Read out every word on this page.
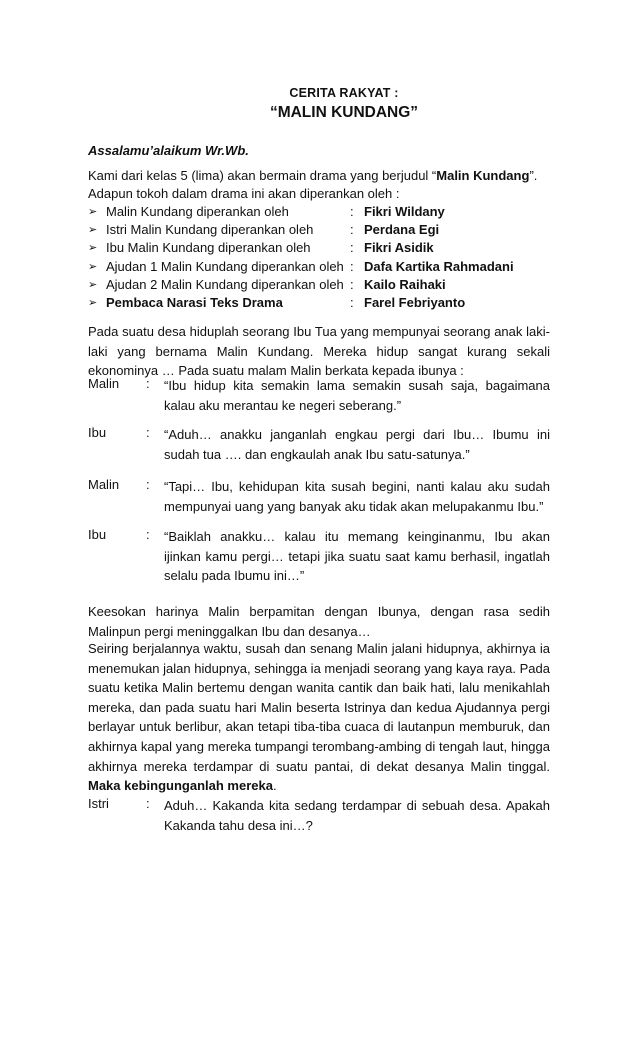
CERITA RAKYAT :
“MALIN KUNDANG”
Assalamu’alaikum Wr.Wb.
Kami dari kelas 5 (lima) akan bermain drama yang berjudul “Malin Kundang”.
Adapun tokoh dalam drama ini akan diperankan oleh :
➢ Malin Kundang diperankan oleh	: Fikri Wildany
➢ Istri Malin Kundang diperankan oleh	: Perdana Egi
➢ Ibu Malin Kundang diperankan oleh	: Fikri Asidik
➢ Ajudan 1 Malin Kundang diperankan oleh : Dafa Kartika Rahmadani
➢ Ajudan 2 Malin Kundang diperankan oleh : Kailo Raihaki
➢ Pembaca Narasi Teks Drama	: Farel Febriyanto
Pada suatu desa hiduplah seorang Ibu Tua yang mempunyai seorang anak laki-laki yang bernama Malin Kundang. Mereka hidup sangat kurang sekali ekonominya … Pada suatu malam Malin berkata kepada ibunya :
Malin	:	“Ibu hidup kita semakin lama semakin susah saja, bagaimana kalau aku merantau ke negeri seberang.”
Ibu	:	“Aduh… anakku janganlah engkau pergi dari Ibu… Ibumu ini sudah tua …. dan engkaulah anak Ibu satu-satunya.”
Malin	:	“Tapi… Ibu, kehidupan kita susah begini, nanti kalau aku sudah mempunyai uang yang banyak aku tidak akan melupakanmu Ibu.”
Ibu	:	“Baiklah anakku… kalau itu memang keinginanmu, Ibu akan ijinkan kamu pergi… tetapi jika suatu saat kamu berhasil, ingatlah selalu pada Ibumu ini…”
Keesokan harinya Malin berpamitan dengan Ibunya, dengan rasa sedih Malinpun pergi meninggalkan Ibu dan desanya…
Seiring berjalannya waktu, susah dan senang Malin jalani hidupnya, akhirnya ia menemukan jalan hidupnya, sehingga ia menjadi seorang yang kaya raya. Pada suatu ketika Malin bertemu dengan wanita cantik dan baik hati, lalu menikahlah mereka, dan pada suatu hari Malin beserta Istrinya dan kedua Ajudannya pergi berlayar untuk berlibur, akan tetapi tiba-tiba cuaca di lautanpun memburuk, dan akhirnya kapal yang mereka tumpangi terombang-ambing di tengah laut, hingga akhirnya mereka terdampar di suatu pantai, di dekat desanya Malin tinggal. Maka kebingunganlah mereka.
Istri	:	Aduh… Kakanda kita sedang terdampar di sebuah desa. Apakah Kakanda tahu desa ini…?
